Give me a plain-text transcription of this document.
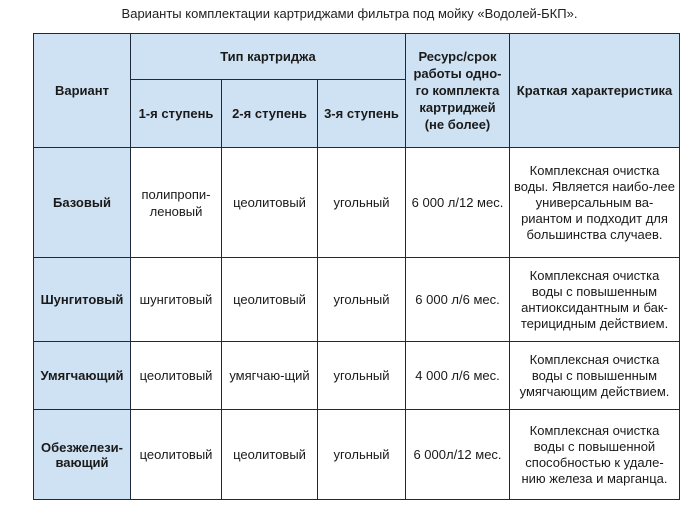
Варианты комплектации картриджами фильтра под мойку «Водолей-БКП».
Вариант	Тип картриджа			Ресурс/срок работы одно-го комплекта картриджей (не более)	Краткая характеристика
	1-я ступень	2-я ступень	3-я ступень		
Базовый	полипропи-леновый	цеолитовый	угольный	6 000 л/12 мес.	Комплексная очистка воды. Является наибо-лее универсальным ва-риантом и подходит для большинства случаев.
Шунгитовый	шунгитовый	цеолитовый	угольный	6 000 л/6 мес.	Комплексная очистка воды с повышенным антиоксидантным и бак-терицидным действием.
Умягчающий	цеолитовый	умягчаю-щий	угольный	4 000 л/6 мес.	Комплексная очистка воды с повышенным умягчающим действием.
Обезжелези-вающий	цеолитовый	цеолитовый	угольный	6 000л/12 мес.	Комплексная очистка воды с повышенной способностью к удале-нию железа и марганца.
